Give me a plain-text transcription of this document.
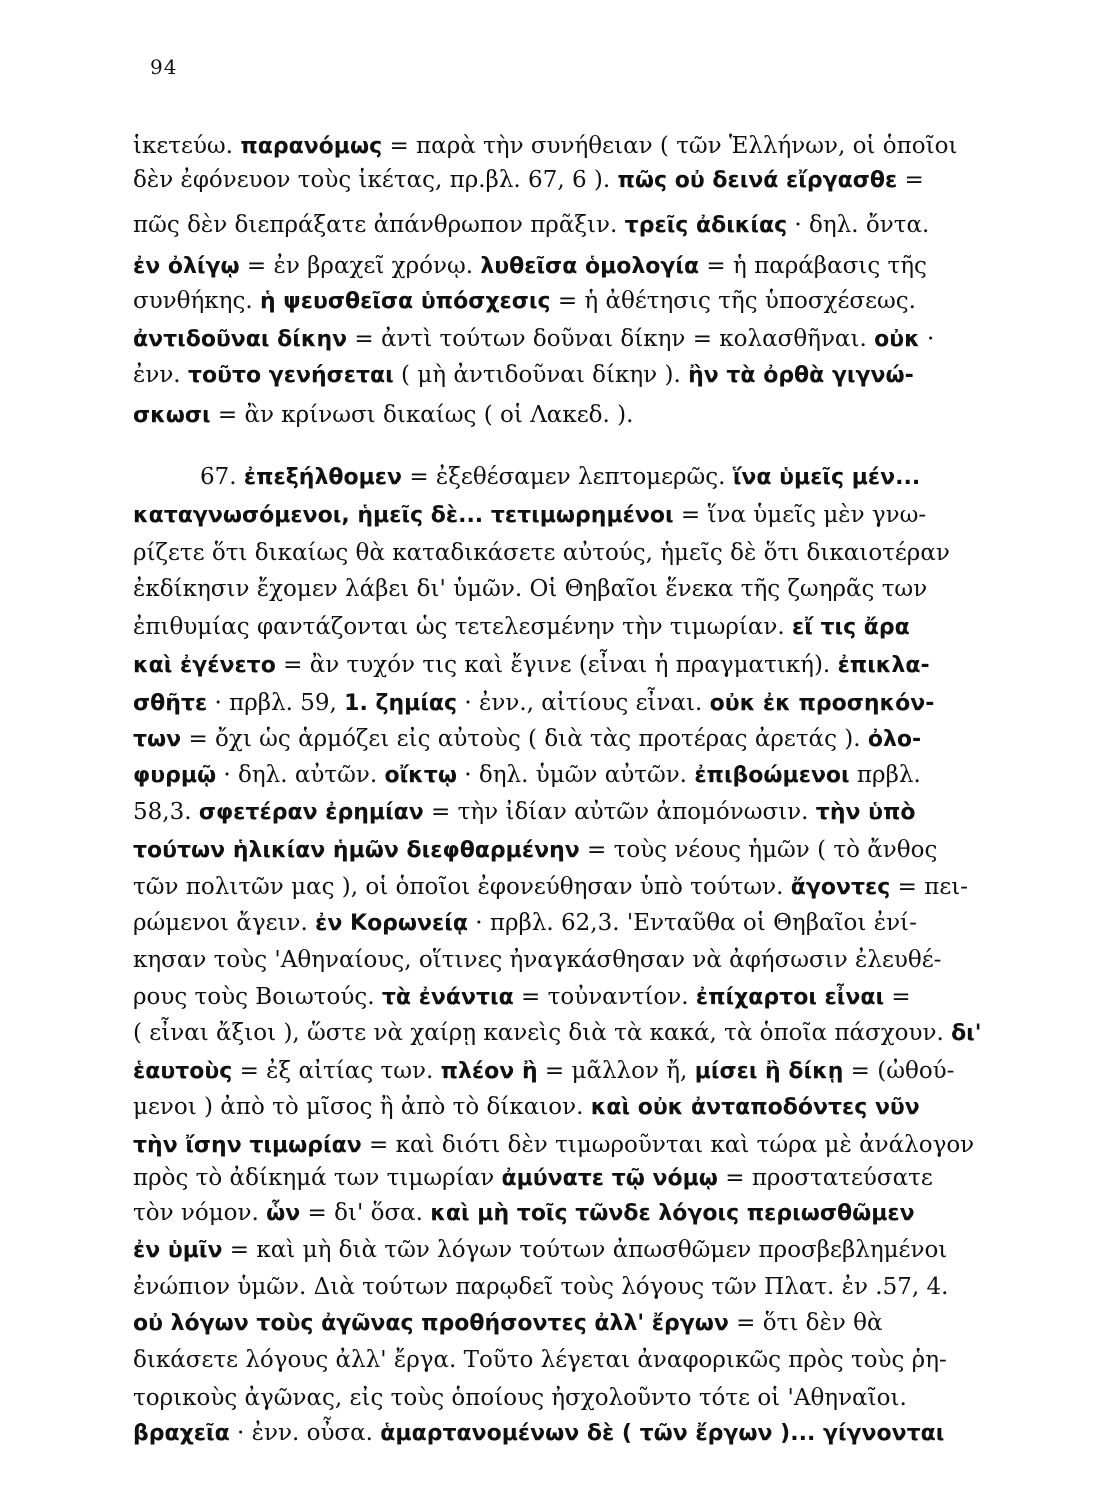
94
ἱκετεύω. παρανόμως = παρὰ τὴν συνήθειαν ( τῶν Ἑλλήνων, οἱ ὁποῖοι
δὲν ἐφόνευον τοὺς ἱκέτας, πρ.βλ. 67, 6 ). πῶς οὐ δεινά εἴργασθε =
πῶς δὲν διεπράξατε ἀπάνθρωπον πρᾶξιν. τρεῖς ἀδικίας · δηλ. ὄντα.
ἐν ὀλίγῳ = ἐν βραχεῖ χρόνῳ. λυθεῖσα ὁμολογία = ἡ παράβασις τῆς
συνθήκης. ἡ ψευσθεῖσα ὑπόσχεσις = ἡ ἀθέτησις τῆς ὑποσχέσεως.
ἀντιδοῦναι δίκην = ἀντὶ τούτων δοῦναι δίκην = κολασθῆναι. οὐκ ·
ἐνν. τοῦτο γενήσεται ( μὴ ἀντιδοῦναι δίκην ). ἢν τὰ ὀρθὰ γιγνώ-
σκωσι = ἂν κρίνωσι δικαίως ( οἱ Λακεδ. ).
67. ἐπεξήλθομεν = ἐξεθέσαμεν λεπτομερῶς. ἵνα ὑμεῖς μέν...
καταγνωσόμενοι, ἡμεῖς δὲ... τετιμωρημένοι = ἵνα ὑμεῖς μὲν γνω-
ρίζετε ὅτι δικαίως θὰ καταδικάσετε αὐτούς, ἡμεῖς δὲ ὅτι δικαιοτέραν
ἐκδίκησιν ἔχομεν λάβει δι' ὑμῶν. Οἱ Θηβαῖοι ἕνεκα τῆς ζωηρᾶς των
ἐπιθυμίας φαντάζονται ὡς τετελεσμένην τὴν τιμωρίαν. εἴ τις ἄρα
καὶ ἐγένετο = ἂν τυχόν τις καὶ ἔγινε (εἶναι ἡ πραγματική). ἐπικλα-
σθῆτε · πρβλ. 59, 1. ζημίας · ἐνν., αἰτίους εἶναι. οὐκ ἐκ προσηκόν-
των = ὄχι ὡς ἁρμόζει εἰς αὐτοὺς ( διὰ τὰς προτέρας ἀρετάς ). ὀλο-
φυρμῷ · δηλ. αὐτῶν. οἴκτῳ · δηλ. ὑμῶν αὐτῶν. ἐπιβοώμενοι πρβλ.
58,3. σφετέραν ἐρημίαν = τὴν ἰδίαν αὐτῶν ἀπομόνωσιν. τὴν ὑπὸ
τούτων ἡλικίαν ἡμῶν διεφθαρμένην = τοὺς νέους ἡμῶν ( τὸ ἄνθος
τῶν πολιτῶν μας ), οἱ ὁποῖοι ἐφονεύθησαν ὑπὸ τούτων. ἄγοντες = πει-
ρώμενοι ἄγειν. ἐν Κορωνείᾳ · πρβλ. 62,3. 'Ενταῦθα οἱ Θηβαῖοι ἐνί-
κησαν τοὺς 'Αθηναίους, οἵτινες ἠναγκάσθησαν νὰ ἀφήσωσιν ἐλευθέ-
ρους τοὺς Βοιωτούς. τὰ ἐνάντια = τοὐναντίον. ἐπίχαρτοι εἶναι =
( εἶναι ἄξιοι ), ὥστε νὰ χαίρῃ κανεὶς διὰ τὰ κακά, τὰ ὁποῖα πάσχουν. δι'
ἑαυτοὺς = ἐξ αἰτίας των. πλέον ἢ = μᾶλλον ἤ, μίσει ἢ δίκῃ = (ὠθού-
μενοι ) ἀπὸ τὸ μῖσος ἢ ἀπὸ τὸ δίκαιον. καὶ οὐκ ἀνταποδόντες νῦν
τὴν ἴσην τιμωρίαν = καὶ διότι δὲν τιμωροῦνται καὶ τώρα μὲ ἀνάλογον
πρὸς τὸ ἀδίκημά των τιμωρίαν ἀμύνατε τῷ νόμῳ = προστατεύσατε
τὸν νόμον. ὧν = δι' ὅσα. καὶ μὴ τοῖς τῶνδε λόγοις περιωσθῶμεν
ἐν ὑμῖν = καὶ μὴ διὰ τῶν λόγων τούτων ἀπωσθῶμεν προσβεβλημένοι
ἐνώπιον ὑμῶν. Διὰ τούτων παρῳδεῖ τοὺς λόγους τῶν Πλατ. ἐν .57, 4.
οὐ λόγων τοὺς ἀγῶνας προθήσοντες ἀλλ' ἔργων = ὅτι δὲν θὰ
δικάσετε λόγους ἀλλ' ἔργα. Τοῦτο λέγεται ἀναφορικῶς πρὸς τοὺς ῥη-
τορικοὺς ἀγῶνας, εἰς τοὺς ὁποίους ἠσχολοῦντο τότε οἱ 'Αθηναῖοι.
βραχεῖα · ἐνν. οὖσα. ἁμαρτανομένων δὲ ( τῶν ἔργων )... γίγνονται
